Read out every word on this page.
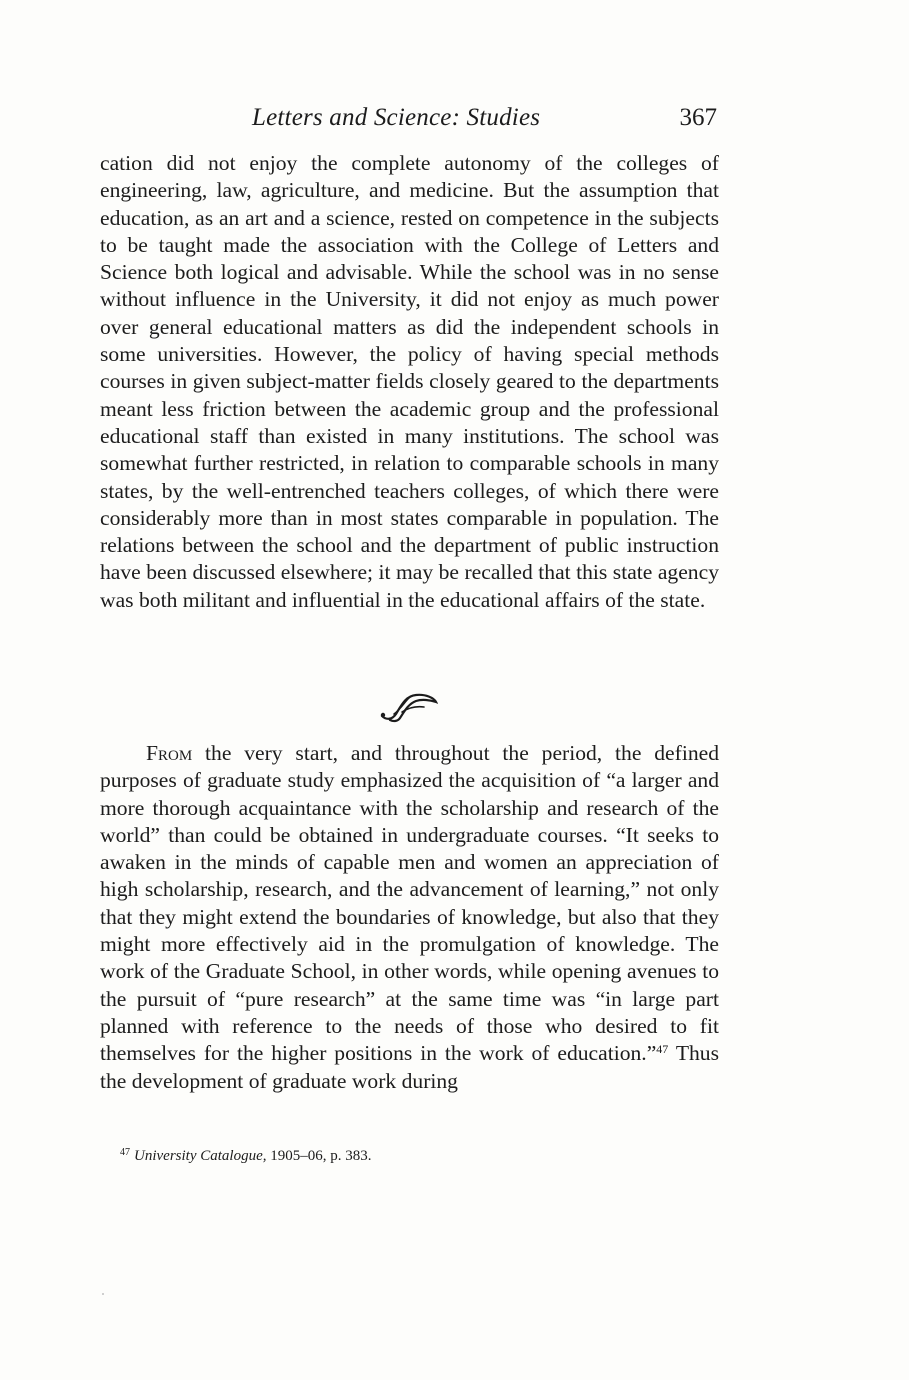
Letters and Science: Studies	367

cation did not enjoy the complete autonomy of the colleges of engineering, law, agriculture, and medicine. But the assumption that education, as an art and a science, rested on competence in the subjects to be taught made the association with the College of Letters and Science both logical and advisable. While the school was in no sense without influence in the University, it did not enjoy as much power over general educational matters as did the independent schools in some universities. However, the policy of having special methods courses in given subject-matter fields closely geared to the departments meant less friction between the academic group and the professional educational staff than existed in many institutions. The school was somewhat further restricted, in relation to comparable schools in many states, by the well-entrenched teachers colleges, of which there were considerably more than in most states comparable in population. The relations between the school and the department of public instruction have been discussed elsewhere; it may be recalled that this state agency was both militant and influential in the educational affairs of the state.

From the very start, and throughout the period, the defined purposes of graduate study emphasized the acquisition of “a larger and more thorough acquaintance with the scholarship and research of the world” than could be obtained in undergraduate courses. “It seeks to awaken in the minds of capable men and women an appreciation of high scholarship, research, and the advancement of learning,” not only that they might extend the boundaries of knowledge, but also that they might more effectively aid in the promulgation of knowledge. The work of the Graduate School, in other words, while opening avenues to the pursuit of “pure research” at the same time was “in large part planned with reference to the needs of those who desired to fit themselves for the higher positions in the work of education.”$^{47}$ Thus the development of graduate work during

$^{47}$ University Catalogue, 1905–06, p. 383.
